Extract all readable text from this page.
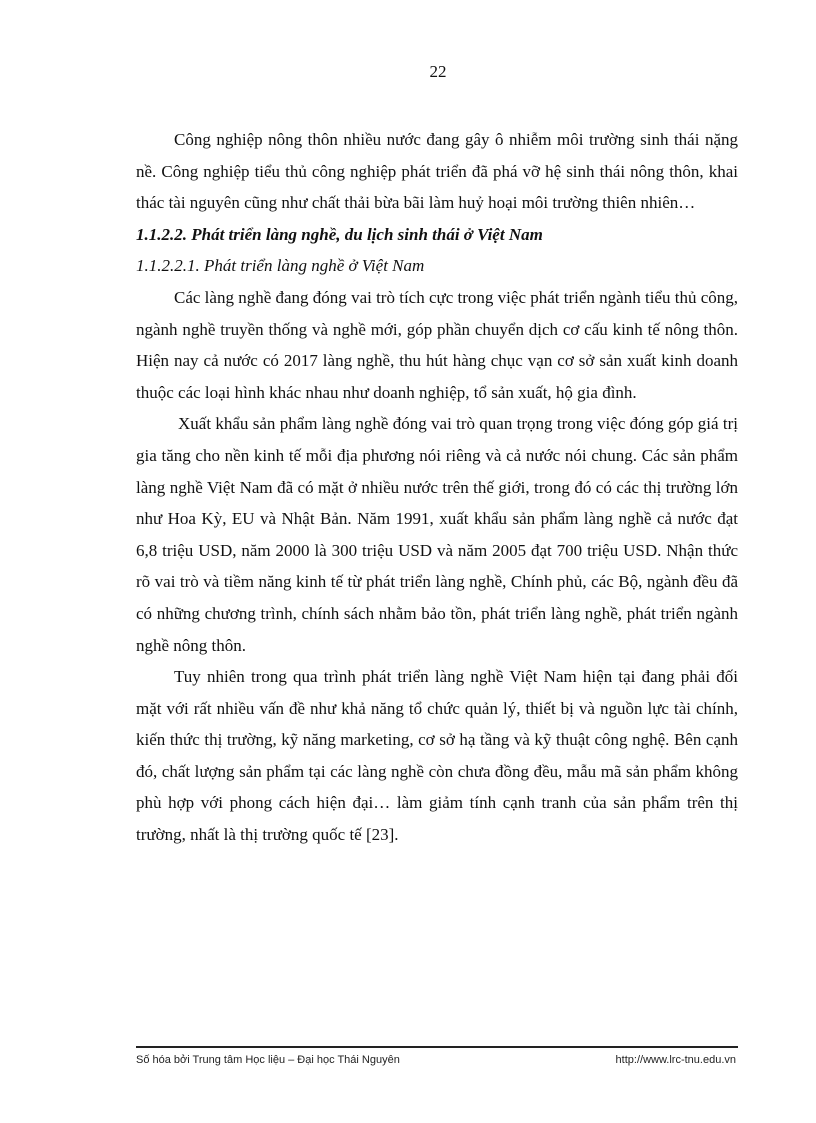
22

Công nghiệp nông thôn nhiều nước đang gây ô nhiễm môi trường sinh thái nặng nề. Công nghiệp tiểu thủ công nghiệp phát triển đã phá vỡ hệ sinh thái nông thôn, khai thác tài nguyên cũng như chất thải bừa bãi làm huỷ hoại môi trường thiên nhiên…

1.1.2.2. Phát triển làng nghề, du lịch sinh thái ở Việt Nam

1.1.2.2.1. Phát triển làng nghề ở Việt Nam

Các làng nghề đang đóng vai trò tích cực trong việc phát triển ngành tiểu thủ công, ngành nghề truyền thống và nghề mới, góp phần chuyển dịch cơ cấu kinh tế nông thôn. Hiện nay cả nước có 2017 làng nghề, thu hút hàng chục vạn cơ sở sản xuất kinh doanh thuộc các loại hình khác nhau như doanh nghiệp, tổ sản xuất, hộ gia đình.

Xuất khẩu sản phẩm làng nghề đóng vai trò quan trọng trong việc đóng góp giá trị gia tăng cho nền kinh tế mỗi địa phương nói riêng và cả nước nói chung. Các sản phẩm làng nghề Việt Nam đã có mặt ở nhiều nước trên thế giới, trong đó có các thị trường lớn như Hoa Kỳ, EU và Nhật Bản. Năm 1991, xuất khẩu sản phẩm làng nghề cả nước đạt 6,8 triệu USD, năm 2000 là 300 triệu USD và năm 2005 đạt 700 triệu USD. Nhận thức rõ vai trò và tiềm năng kinh tế từ phát triển làng nghề, Chính phủ, các Bộ, ngành đều đã có những chương trình, chính sách nhằm bảo tồn, phát triển làng nghề, phát triển ngành nghề nông thôn.

Tuy nhiên trong qua trình phát triển làng nghề Việt Nam hiện tại đang phải đối mặt với rất nhiều vấn đề như khả năng tổ chức quản lý, thiết bị và nguồn lực tài chính, kiến thức thị trường, kỹ năng marketing, cơ sở hạ tầng và kỹ thuật công nghệ. Bên cạnh đó, chất lượng sản phẩm tại các làng nghề còn chưa đồng đều, mẫu mã sản phẩm không phù hợp với phong cách hiện đại… làm giảm tính cạnh tranh của sản phẩm trên thị trường, nhất là thị trường quốc tế [23].

Số hóa bởi Trung tâm Học liệu – Đại học Thái Nguyên	http://www.lrc-tnu.edu.vn
